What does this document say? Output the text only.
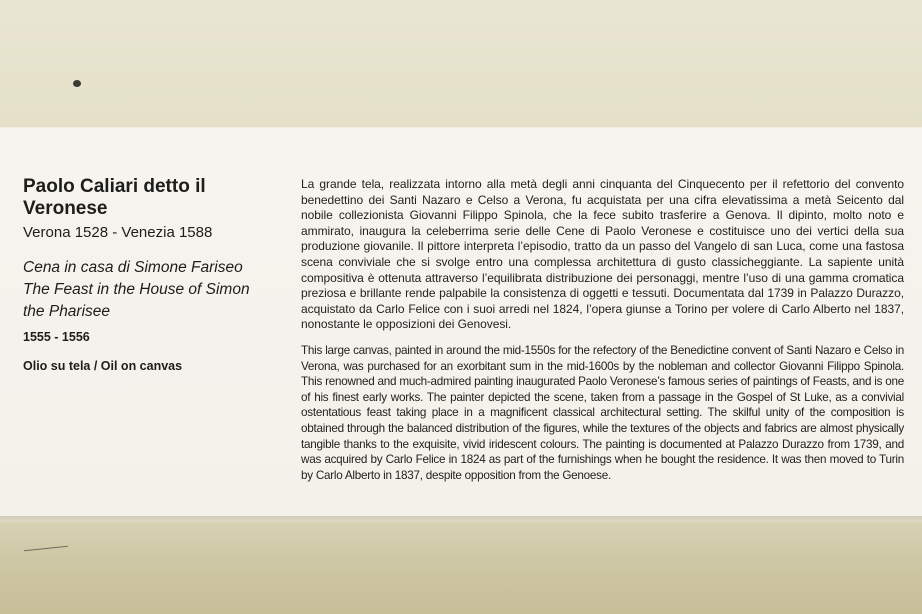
Paolo Caliari detto il Veronese
Verona 1528 - Venezia 1588
Cena in casa di Simone Fariseo
The Feast in the House of Simon the Pharisee
1555 - 1556
Olio su tela / Oil on canvas

La grande tela, realizzata intorno alla metà degli anni cinquanta del Cinquecento per il refettorio del convento benedettino dei Santi Nazaro e Celso a Verona, fu acquistata per una cifra elevatissima a metà Seicento dal nobile collezionista Giovanni Filippo Spinola, che la fece subito trasferire a Genova. Il dipinto, molto noto e ammirato, inaugura la celeberrima serie delle Cene di Paolo Veronese e costituisce uno dei vertici della sua produzione giovanile. Il pittore interpreta l’episodio, tratto da un passo del Vangelo di san Luca, come una fastosa scena conviviale che si svolge entro una complessa architettura di gusto classicheggiante. La sapiente unità compositiva è ottenuta attraverso l’equilibrata distribuzione dei personaggi, mentre l’uso di una gamma cromatica preziosa e brillante rende palpabile la consistenza di oggetti e tessuti. Documentata dal 1739 in Palazzo Durazzo, acquistato da Carlo Felice con i suoi arredi nel 1824, l’opera giunse a Torino per volere di Carlo Alberto nel 1837, nonostante le opposizioni dei Genovesi.

This large canvas, painted in around the mid-1550s for the refectory of the Benedictine convent of Santi Nazaro e Celso in Verona, was purchased for an exorbitant sum in the mid-1600s by the nobleman and collector Giovanni Filippo Spinola. This renowned and much-admired painting inaugurated Paolo Veronese’s famous series of paintings of Feasts, and is one of his finest early works. The painter depicted the scene, taken from a passage in the Gospel of St Luke, as a convivial ostentatious feast taking place in a magnificent classical architectural setting. The skilful unity of the composition is obtained through the balanced distribution of the figures, while the textures of the objects and fabrics are almost physically tangible thanks to the exquisite, vivid iridescent colours. The painting is documented at Palazzo Durazzo from 1739, and was acquired by Carlo Felice in 1824 as part of the furnishings when he bought the residence. It was then moved to Turin by Carlo Alberto in 1837, despite opposition from the Genoese.
